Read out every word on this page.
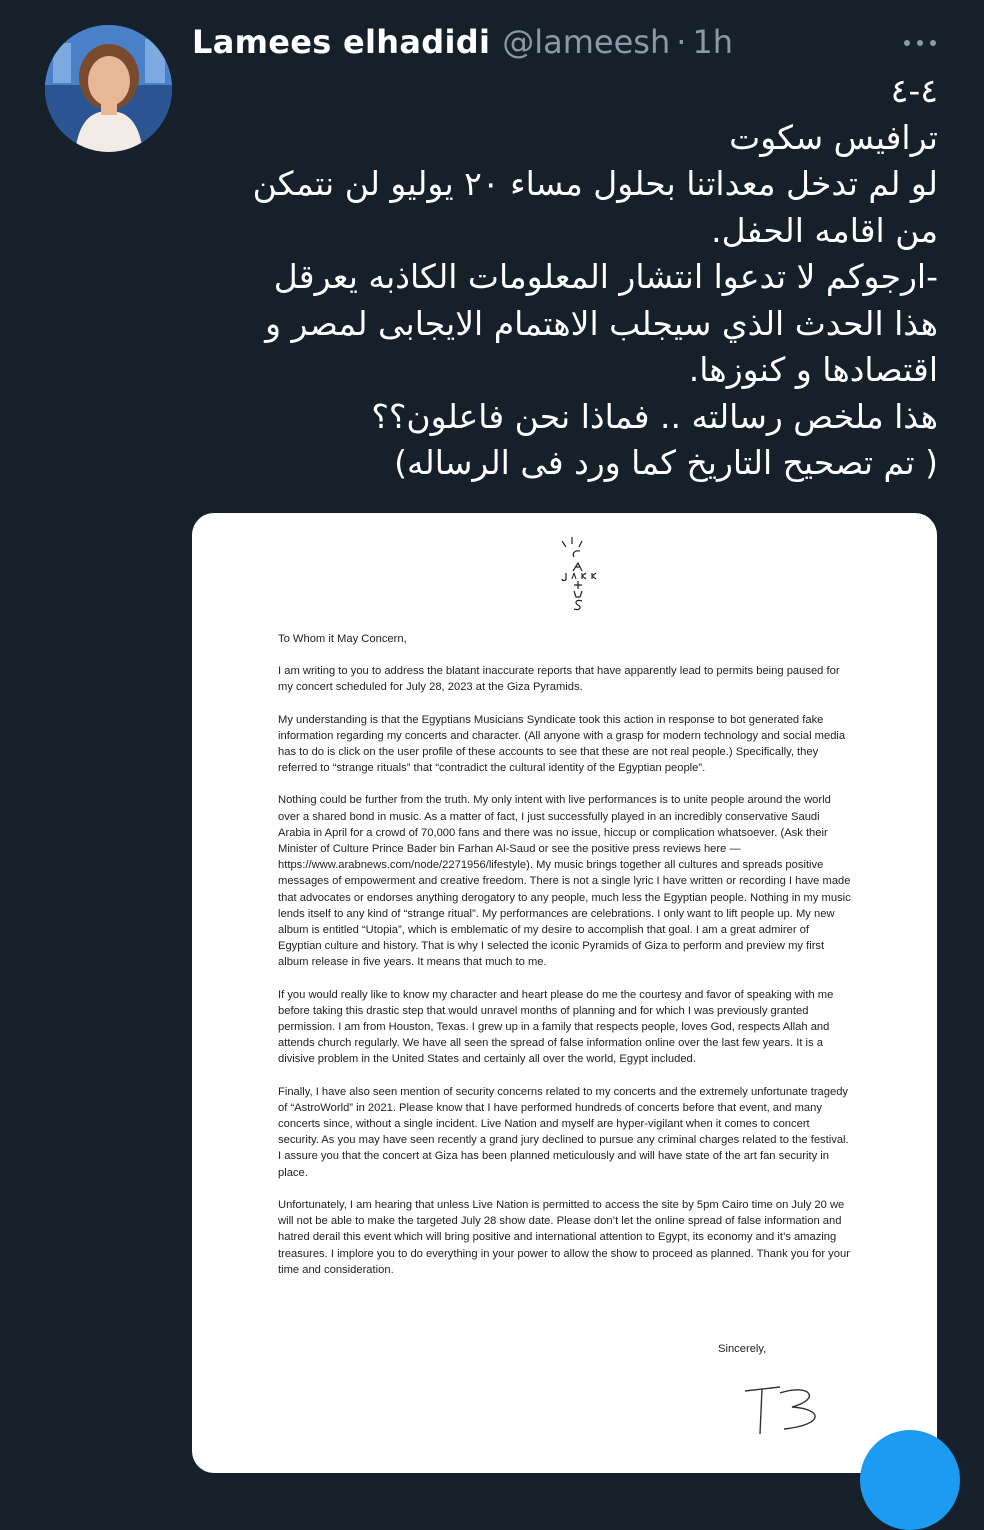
Lamees elhadidi @lameesh · 1h
٤-٤
ترافيس سكوت
لو لم تدخل معداتنا بحلول مساء ٢٠ يوليو لن نتمكن
من اقامه الحفل.
-ارجوكم لا تدعوا انتشار المعلومات الكاذبه يعرقل
هذا الحدث الذي سيجلب الاهتمام الايجابى لمصر و
اقتصادها و كنوزها.
هذا ملخص رسالته .. فماذا نحن فاعلون؟؟
( تم تصحيح التاريخ كما ورد فى الرساله)

To Whom it May Concern,

I am writing to you to address the blatant inaccurate reports that have apparently lead to permits being paused for my concert scheduled for July 28, 2023 at the Giza Pyramids.

My understanding is that the Egyptians Musicians Syndicate took this action in response to bot generated fake information regarding my concerts and character. (All anyone with a grasp for modern technology and social media has to do is click on the user profile of these accounts to see that these are not real people.) Specifically, they referred to “strange rituals” that “contradict the cultural identity of the Egyptian people”.

Nothing could be further from the truth. My only intent with live performances is to unite people around the world over a shared bond in music. As a matter of fact, I just successfully played in an incredibly conservative Saudi Arabia in April for a crowd of 70,000 fans and there was no issue, hiccup or complication whatsoever. (Ask their Minister of Culture Prince Bader bin Farhan Al-Saud or see the positive press reviews here — https://www.arabnews.com/node/2271956/lifestyle). My music brings together all cultures and spreads positive messages of empowerment and creative freedom. There is not a single lyric I have written or recording I have made that advocates or endorses anything derogatory to any people, much less the Egyptian people. Nothing in my music lends itself to any kind of “strange ritual”. My performances are celebrations. I only want to lift people up. My new album is entitled “Utopia”, which is emblematic of my desire to accomplish that goal. I am a great admirer of Egyptian culture and history. That is why I selected the iconic Pyramids of Giza to perform and preview my first album release in five years. It means that much to me.

If you would really like to know my character and heart please do me the courtesy and favor of speaking with me before taking this drastic step that would unravel months of planning and for which I was previously granted permission. I am from Houston, Texas. I grew up in a family that respects people, loves God, respects Allah and attends church regularly. We have all seen the spread of false information online over the last few years. It is a divisive problem in the United States and certainly all over the world, Egypt included.

Finally, I have also seen mention of security concerns related to my concerts and the extremely unfortunate tragedy of “AstroWorld” in 2021. Please know that I have performed hundreds of concerts before that event, and many concerts since, without a single incident. Live Nation and myself are hyper-vigilant when it comes to concert security. As you may have seen recently a grand jury declined to pursue any criminal charges related to the festival. I assure you that the concert at Giza has been planned meticulously and will have state of the art fan security in place.

Unfortunately, I am hearing that unless Live Nation is permitted to access the site by 5pm Cairo time on July 20 we will not be able to make the targeted July 28 show date. Please don’t let the online spread of false information and hatred derail this event which will bring positive and international attention to Egypt, its economy and it’s amazing treasures. I implore you to do everything in your power to allow the show to proceed as planned. Thank you for your time and consideration.

Sincerely,
